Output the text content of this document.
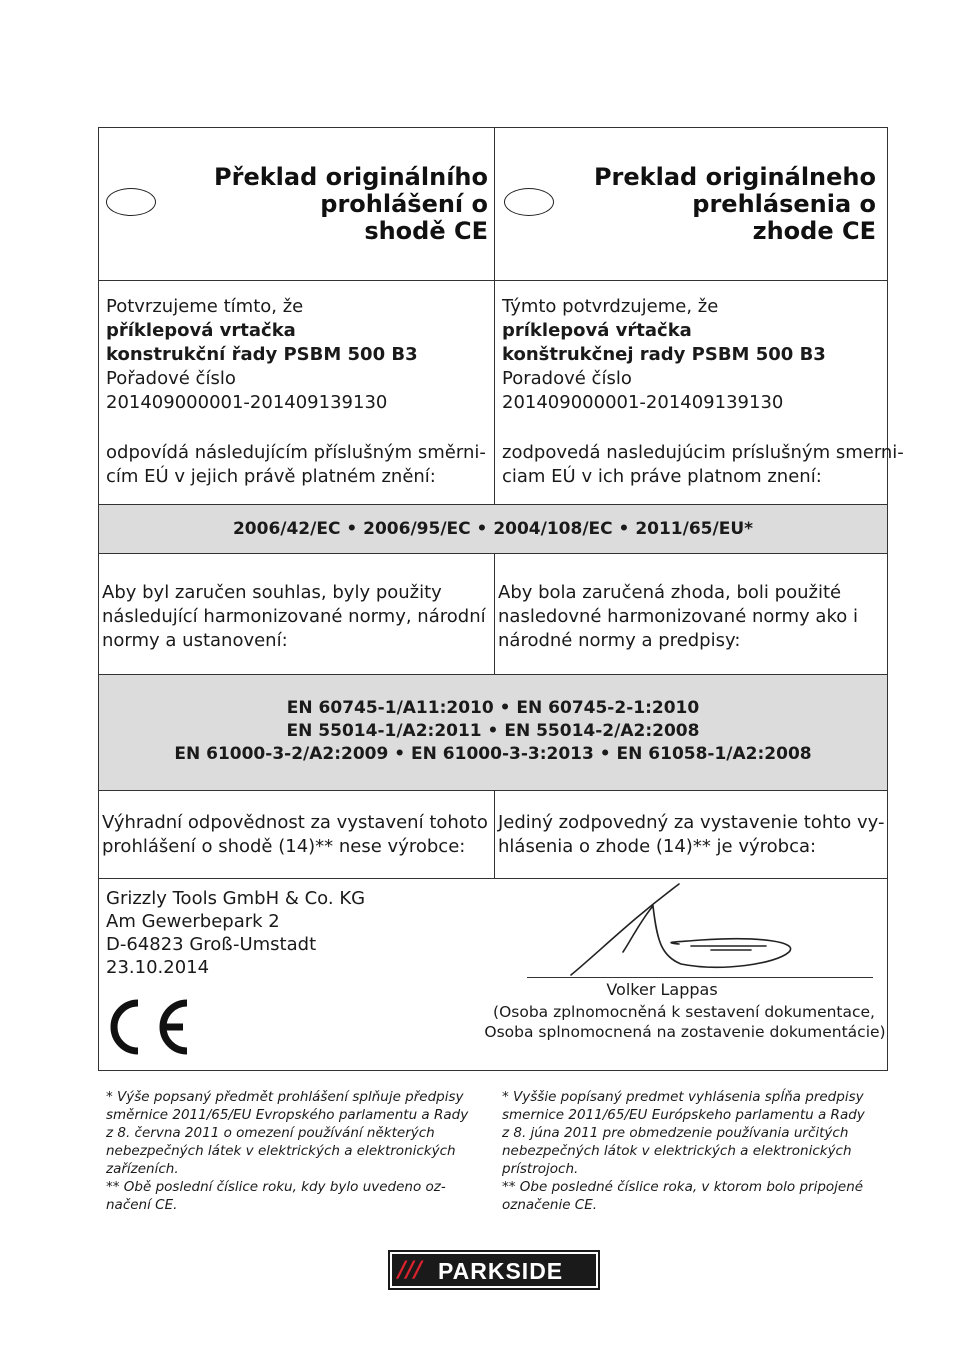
Překlad originálního
prohlášení o
shodě CE
Preklad originálneho
prehlásenia o
zhode CE
Potvrzujeme tímto, že
příklepová vrtačka
konstrukční řady PSBM 500 B3
Pořadové číslo
201409000001-201409139130
odpovídá následujícím příslušným směrni-
cím EÚ v jejich právě platném znění:
Týmto potvrdzujeme, že
príklepová vŕtačka
konštrukčnej rady PSBM 500 B3
Poradové číslo
201409000001-201409139130
zodpovedá nasledujúcim príslušným smerni-
ciam EÚ v ich práve platnom znení:
2006/42/EC • 2006/95/EC • 2004/108/EC • 2011/65/EU*
Aby byl zaručen souhlas, byly použity
následující harmonizované normy, národní
normy a ustanovení:
Aby bola zaručená zhoda, boli použité
nasledovné harmonizované normy ako i
národné normy a predpisy:
EN 60745-1/A11:2010 • EN 60745-2-1:2010
EN 55014-1/A2:2011 • EN 55014-2/A2:2008
EN 61000-3-2/A2:2009 • EN 61000-3-3:2013 • EN 61058-1/A2:2008
Výhradní odpovědnost za vystavení tohoto
prohlášení o shodě (14)** nese výrobce:
Jediný zodpovedný za vystavenie tohto vy-
hlásenia o zhode (14)** je výrobca:
Grizzly Tools GmbH & Co. KG
Am Gewerbepark 2
D-64823 Groß-Umstadt
23.10.2014
Volker Lappas
(Osoba zplnomocněná k sestavení dokumentace,
Osoba splnomocnená na zostavenie dokumentácie)
* Výše popsaný předmět prohlášení splňuje předpisy
směrnice 2011/65/EU Evropského parlamentu a Rady
z 8. června 2011 o omezení používání některých
nebezpečných látek v elektrických a elektronických
zařízeních.
** Obě poslední číslice roku, kdy bylo uvedeno oz-
načení CE.
* Vyššie popísaný predmet vyhlásenia spĺňa predpisy
smernice 2011/65/EU Európskeho parlamentu a Rady
z 8. júna 2011 pre obmedzenie používania určitých
nebezpečných látok v elektrických a elektronických
prístrojoch.
** Obe posledné číslice roka, v ktorom bolo pripojené
označenie CE.
/// PARKSIDE
